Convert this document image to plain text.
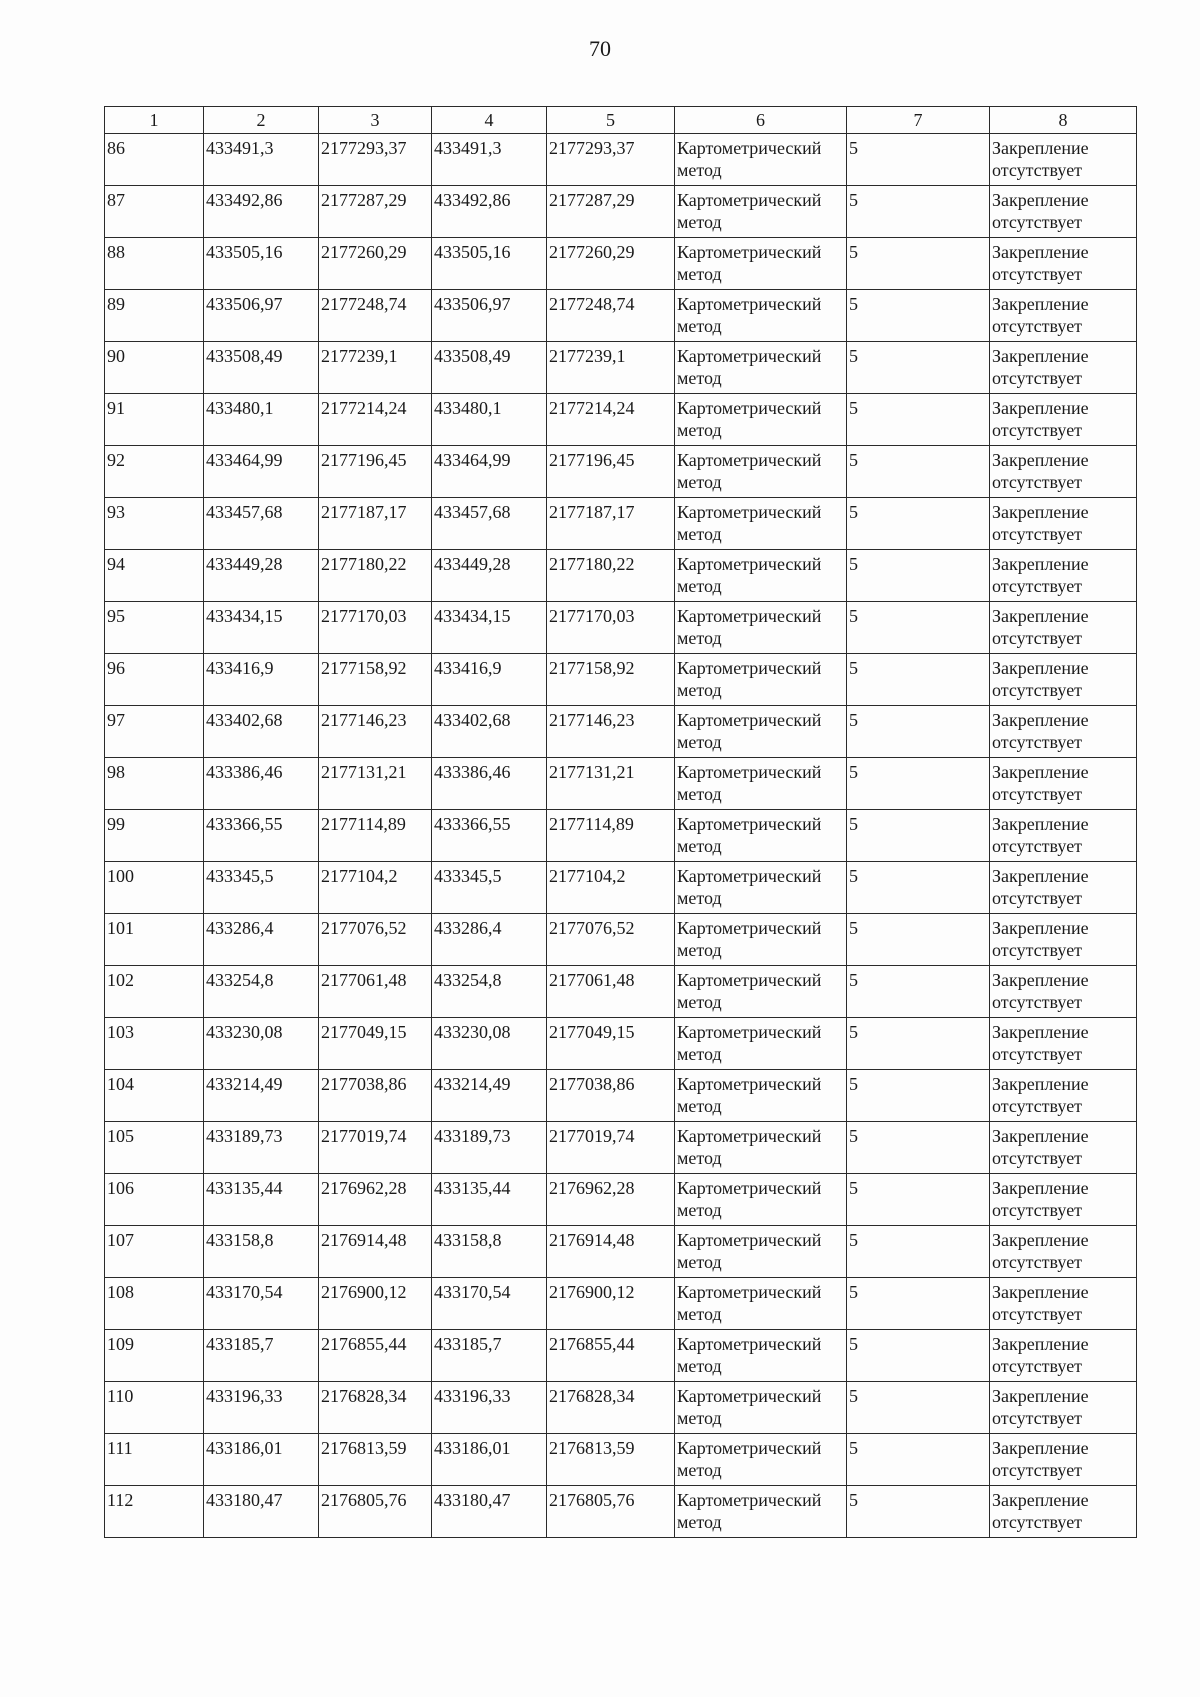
70
1	2	3	4	5	6	7	8
86	433491,3	2177293,37	433491,3	2177293,37	Картометрический метод	5	Закрепление отсутствует
87	433492,86	2177287,29	433492,86	2177287,29	Картометрический метод	5	Закрепление отсутствует
88	433505,16	2177260,29	433505,16	2177260,29	Картометрический метод	5	Закрепление отсутствует
89	433506,97	2177248,74	433506,97	2177248,74	Картометрический метод	5	Закрепление отсутствует
90	433508,49	2177239,1	433508,49	2177239,1	Картометрический метод	5	Закрепление отсутствует
91	433480,1	2177214,24	433480,1	2177214,24	Картометрический метод	5	Закрепление отсутствует
92	433464,99	2177196,45	433464,99	2177196,45	Картометрический метод	5	Закрепление отсутствует
93	433457,68	2177187,17	433457,68	2177187,17	Картометрический метод	5	Закрепление отсутствует
94	433449,28	2177180,22	433449,28	2177180,22	Картометрический метод	5	Закрепление отсутствует
95	433434,15	2177170,03	433434,15	2177170,03	Картометрический метод	5	Закрепление отсутствует
96	433416,9	2177158,92	433416,9	2177158,92	Картометрический метод	5	Закрепление отсутствует
97	433402,68	2177146,23	433402,68	2177146,23	Картометрический метод	5	Закрепление отсутствует
98	433386,46	2177131,21	433386,46	2177131,21	Картометрический метод	5	Закрепление отсутствует
99	433366,55	2177114,89	433366,55	2177114,89	Картометрический метод	5	Закрепление отсутствует
100	433345,5	2177104,2	433345,5	2177104,2	Картометрический метод	5	Закрепление отсутствует
101	433286,4	2177076,52	433286,4	2177076,52	Картометрический метод	5	Закрепление отсутствует
102	433254,8	2177061,48	433254,8	2177061,48	Картометрический метод	5	Закрепление отсутствует
103	433230,08	2177049,15	433230,08	2177049,15	Картометрический метод	5	Закрепление отсутствует
104	433214,49	2177038,86	433214,49	2177038,86	Картометрический метод	5	Закрепление отсутствует
105	433189,73	2177019,74	433189,73	2177019,74	Картометрический метод	5	Закрепление отсутствует
106	433135,44	2176962,28	433135,44	2176962,28	Картометрический метод	5	Закрепление отсутствует
107	433158,8	2176914,48	433158,8	2176914,48	Картометрический метод	5	Закрепление отсутствует
108	433170,54	2176900,12	433170,54	2176900,12	Картометрический метод	5	Закрепление отсутствует
109	433185,7	2176855,44	433185,7	2176855,44	Картометрический метод	5	Закрепление отсутствует
110	433196,33	2176828,34	433196,33	2176828,34	Картометрический метод	5	Закрепление отсутствует
111	433186,01	2176813,59	433186,01	2176813,59	Картометрический метод	5	Закрепление отсутствует
112	433180,47	2176805,76	433180,47	2176805,76	Картометрический метод	5	Закрепление отсутствует
